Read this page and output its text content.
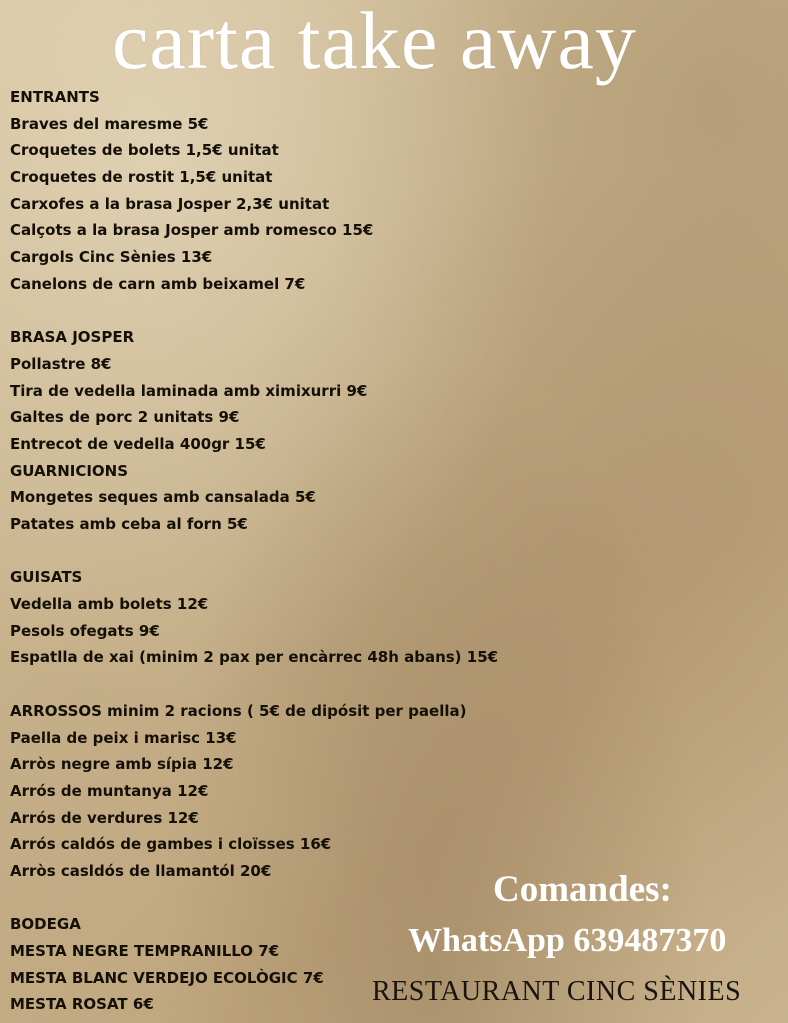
carta take away
ENTRANTS
Braves del maresme 5€
Croquetes de bolets 1,5€ unitat
Croquetes de rostit 1,5€ unitat
Carxofes a la brasa Josper 2,3€ unitat
Calçots a la brasa Josper amb romesco 15€
Cargols Cinc Sènies 13€
Canelons de carn amb beixamel 7€
BRASA JOSPER
Pollastre 8€
Tira de vedella laminada amb ximixurri 9€
Galtes de porc 2 unitats 9€
Entrecot de vedella 400gr 15€
GUARNICIONS
Mongetes seques amb cansalada 5€
Patates amb ceba al forn 5€
GUISATS
Vedella amb bolets 12€
Pesols ofegats 9€
Espatlla de xai (minim 2 pax per encàrrec 48h abans) 15€
ARROSSOS minim 2 racions ( 5€ de dipósit per paella)
Paella de peix i marisc 13€
Arròs negre amb sípia 12€
Arrós de muntanya 12€
Arrós de verdures 12€
Arrós caldós de gambes i cloïsses 16€
Arròs casldós de llamantól 20€
BODEGA
MESTA NEGRE TEMPRANILLO 7€
MESTA BLANC VERDEJO ECOLÒGIC 7€
MESTA ROSAT 6€
Comandes:
WhatsApp 639487370
RESTAURANT CINC SÈNIES
